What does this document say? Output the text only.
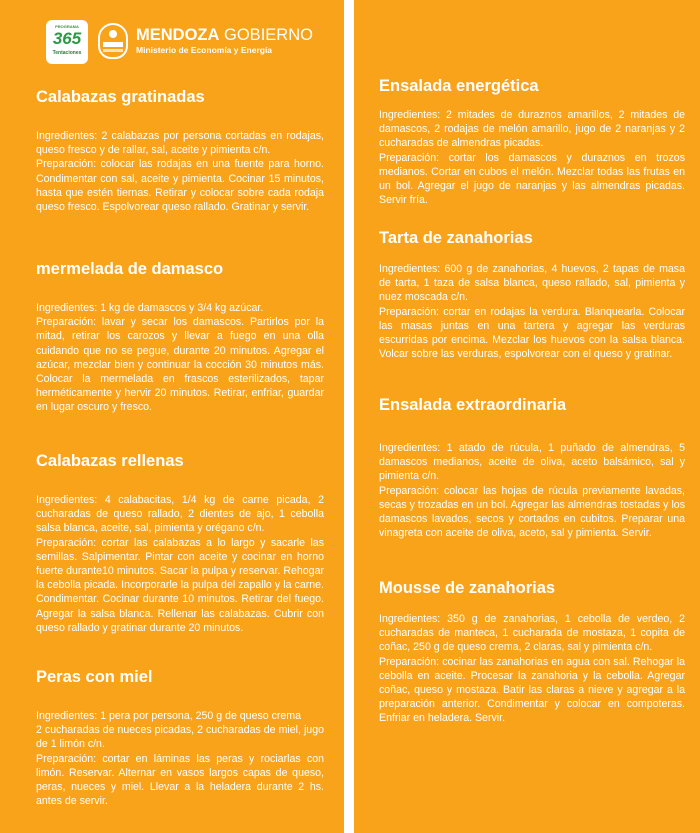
PROGRAMA
365
Tentaciones
MENDOZA GOBIERNO
Ministerio de Economía y Energía
Calabazas gratinadas

Ingredientes: 2 calabazas por persona cortadas en rodajas, queso fresco y de rallar, sal, aceite y pimienta c/n.

Preparación: colocar las rodajas en una fuente para horno. Condimentar con sal, aceite y pimienta. Cocinar 15 minutos, hasta que estén tiernas. Retirar y colocar sobre cada rodaja queso fresco. Espolvorear queso rallado. Gratinar y servir.

mermelada de damasco

Ingredientes: 1 kg de damascos y 3/4 kg azúcar.

Preparación: lavar y secar los damascos. Partirlos por la mitad, retirar los carozos y llevar a fuego en una olla cuidando que no se pegue, durante 20 minutos. Agregar el azúcar, mezclar bien y continuar la cocción 30 minutos más. Colocar la mermelada en frascos esterilizados, tapar herméticamente y hervir 20 minutos. Retirar, enfriar, guardar en lugar oscuro y fresco.

Calabazas rellenas

Ingredientes: 4 calabacitas, 1/4 kg de carne picada, 2 cucharadas de queso rallado, 2 dientes de ajo, 1 cebolla salsa blanca, aceite, sal, pimienta y orégano c/n.

Preparación: cortar las calabazas a lo largo y sacarle las semillas. Salpimentar. Pintar con aceite y cocinar en horno fuerte durante10 minutos. Sacar la pulpa y reservar. Rehogar la cebolla picada. Incorporarle la pulpa del zapallo y la carne. Condimentar. Cocinar durante 10 minutos. Retirar del fuego. Agregar la salsa blanca. Rellenar las calabazas. Cubrir con queso rallado y gratinar durante 20 minutos.

Peras con miel

Ingredientes: 1 pera por persona, 250 g de queso crema
2 cucharadas de nueces picadas, 2 cucharadas de miel, jugo de 1 limón c/n.

Preparación: cortar en láminas las peras y rociarlas con limón. Reservar. Alternar en vasos largos capas de queso, peras, nueces y miel. Llevar a la heladera durante 2 hs. antes de servir.

Ensalada energética

Ingredientes: 2 mitades de duraznos amarillos, 2 mitades de damascos, 2 rodajas de melón amarillo, jugo de 2 naranjas y 2 cucharadas de almendras picadas.

Preparación: cortar los damascos y duraznos en trozos medianos. Cortar en cubos el melón. Mezclar todas las frutas en un bol. Agregar el jugo de naranjas y las almendras picadas. Servir fría.

Tarta de zanahorias

Ingredientes: 600 g de zanahorias, 4 huevos, 2 tapas de masa de tarta, 1 taza de salsa blanca, queso rallado, sal, pimienta y nuez moscada c/n.

Preparación: cortar en rodajas la verdura. Blanquearla. Colocar las masas juntas en una tartera y agregar las verduras escurridas por encima. Mezclar los huevos con la salsa blanca. Volcar sobre las verduras, espolvorear con el queso y gratinar.

Ensalada extraordinaria

Ingredientes: 1 atado de rúcula, 1 puñado de almendras, 5 damascos medianos, aceite de oliva, aceto balsámico, sal y pimienta c/n.

Preparación: colocar las hojas de rúcula previamente lavadas, secas y trozadas en un bol. Agregar las almendras tostadas y los damascos lavados, secos y cortados en cubitos. Preparar una vinagreta con aceite de oliva, aceto, sal y pimienta. Servir.

Mousse de zanahorias

Ingredientes: 350 g de zanahorias, 1 cebolla de verdeo, 2 cucharadas de manteca, 1 cucharada de mostaza, 1 copita de coñac, 250 g de queso crema, 2 claras, sal y pimienta c/n.

Preparación: cocinar las zanahorias en agua con sal. Rehogar la cebolla en aceite. Procesar la zanahoria y la cebolla. Agregar coñac, queso y mostaza. Batir las claras a nieve y agregar a la preparación anterior. Condimentar y colocar en compoteras. Enfriar en heladera. Servir.
